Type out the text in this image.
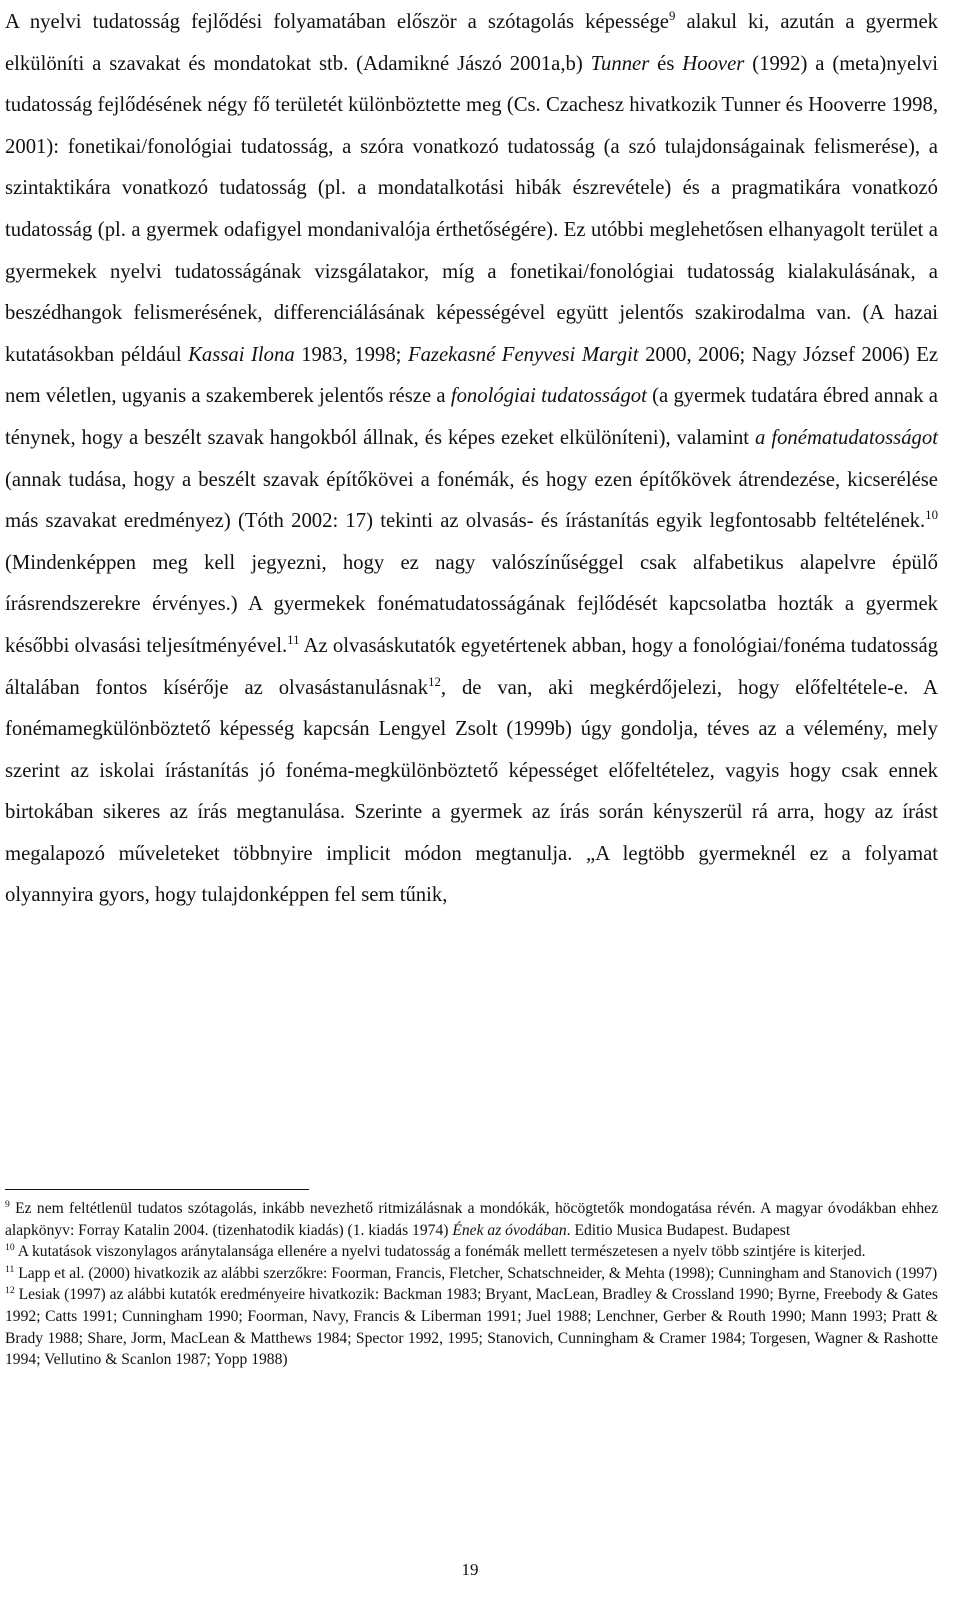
A nyelvi tudatosság fejlődési folyamatában először a szótagolás képessége$^9$ alakul ki, azután a gyermek elkülöníti a szavakat és mondatokat stb. (Adamikné Jászó 2001a,b) Tunner és Hoover (1992) a (meta)nyelvi tudatosság fejlődésének négy fő területét különböztette meg (Cs. Czachesz hivatkozik Tunner és Hooverre 1998, 2001): fonetikai/fonológiai tudatosság, a szóra vonatkozó tudatosság (a szó tulajdonságainak felismerése), a szintaktikára vonatkozó tudatosság (pl. a mondatalkotási hibák észrevétele) és a pragmatikára vonatkozó tudatosság (pl. a gyermek odafigyel mondanivalója érthetőségére). Ez utóbbi meglehetősen elhanyagolt terület a gyermekek nyelvi tudatosságának vizsgálatakor, míg a fonetikai/fonológiai tudatosság kialakulásának, a beszédhangok felismerésének, differenciálásának képességével együtt jelentős szakirodalma van. (A hazai kutatásokban például Kassai Ilona 1983, 1998; Fazekasné Fenyvesi Margit 2000, 2006; Nagy József 2006) Ez nem véletlen, ugyanis a szakemberek jelentős része a fonológiai tudatosságot (a gyermek tudatára ébred annak a ténynek, hogy a beszélt szavak hangokból állnak, és képes ezeket elkülöníteni), valamint a fonématudatosságot (annak tudása, hogy a beszélt szavak építőkövei a fonémák, és hogy ezen építőkövek átrendezése, kicserélése más szavakat eredményez) (Tóth 2002: 17) tekinti az olvasás- és írástanítás egyik legfontosabb feltételének.$^{10}$ (Mindenképpen meg kell jegyezni, hogy ez nagy valószínűséggel csak alfabetikus alapelvre épülő írásrendszerekre érvényes.) A gyermekek fonématudatosságának fejlődését kapcsolatba hozták a gyermek későbbi olvasási teljesítményével.$^{11}$ Az olvasáskutatók egyetértenek abban, hogy a fonológiai/fonéma tudatosság általában fontos kísérője az olvasástanulásnak$^{12}$, de van, aki megkérdőjelezi, hogy előfeltétele-e. A fonémamegkülönböztető képesség kapcsán Lengyel Zsolt (1999b) úgy gondolja, téves az a vélemény, mely szerint az iskolai írástanítás jó fonéma-megkülönböztető képességet előfeltételez, vagyis hogy csak ennek birtokában sikeres az írás megtanulása. Szerinte a gyermek az írás során kényszerül rá arra, hogy az írást megalapozó műveleteket többnyire implicit módon megtanulja. „A legtöbb gyermeknél ez a folyamat olyannyira gyors, hogy tulajdonképpen fel sem tűnik,

$^9$ Ez nem feltétlenül tudatos szótagolás, inkább nevezhető ritmizálásnak a mondókák, höcögtetők mondogatása révén. A magyar óvodákban ehhez alapkönyv: Forray Katalin 2004. (tizenhatodik kiadás) (1. kiadás 1974) Ének az óvodában. Editio Musica Budapest. Budapest

$^{10}$ A kutatások viszonylagos aránytalansága ellenére a nyelvi tudatosság a fonémák mellett természetesen a nyelv több szintjére is kiterjed.

$^{11}$ Lapp et al. (2000) hivatkozik az alábbi szerzőkre: Foorman, Francis, Fletcher, Schatschneider, & Mehta (1998); Cunningham and Stanovich (1997)

$^{12}$ Lesiak (1997) az alábbi kutatók eredményeire hivatkozik: Backman 1983; Bryant, MacLean, Bradley & Crossland 1990; Byrne, Freebody & Gates 1992; Catts 1991; Cunningham 1990; Foorman, Navy, Francis & Liberman 1991; Juel 1988; Lenchner, Gerber & Routh 1990; Mann 1993; Pratt & Brady 1988; Share, Jorm, MacLean & Matthews 1984; Spector 1992, 1995; Stanovich, Cunningham & Cramer 1984; Torgesen, Wagner & Rashotte 1994; Vellutino & Scanlon 1987; Yopp 1988)

19
